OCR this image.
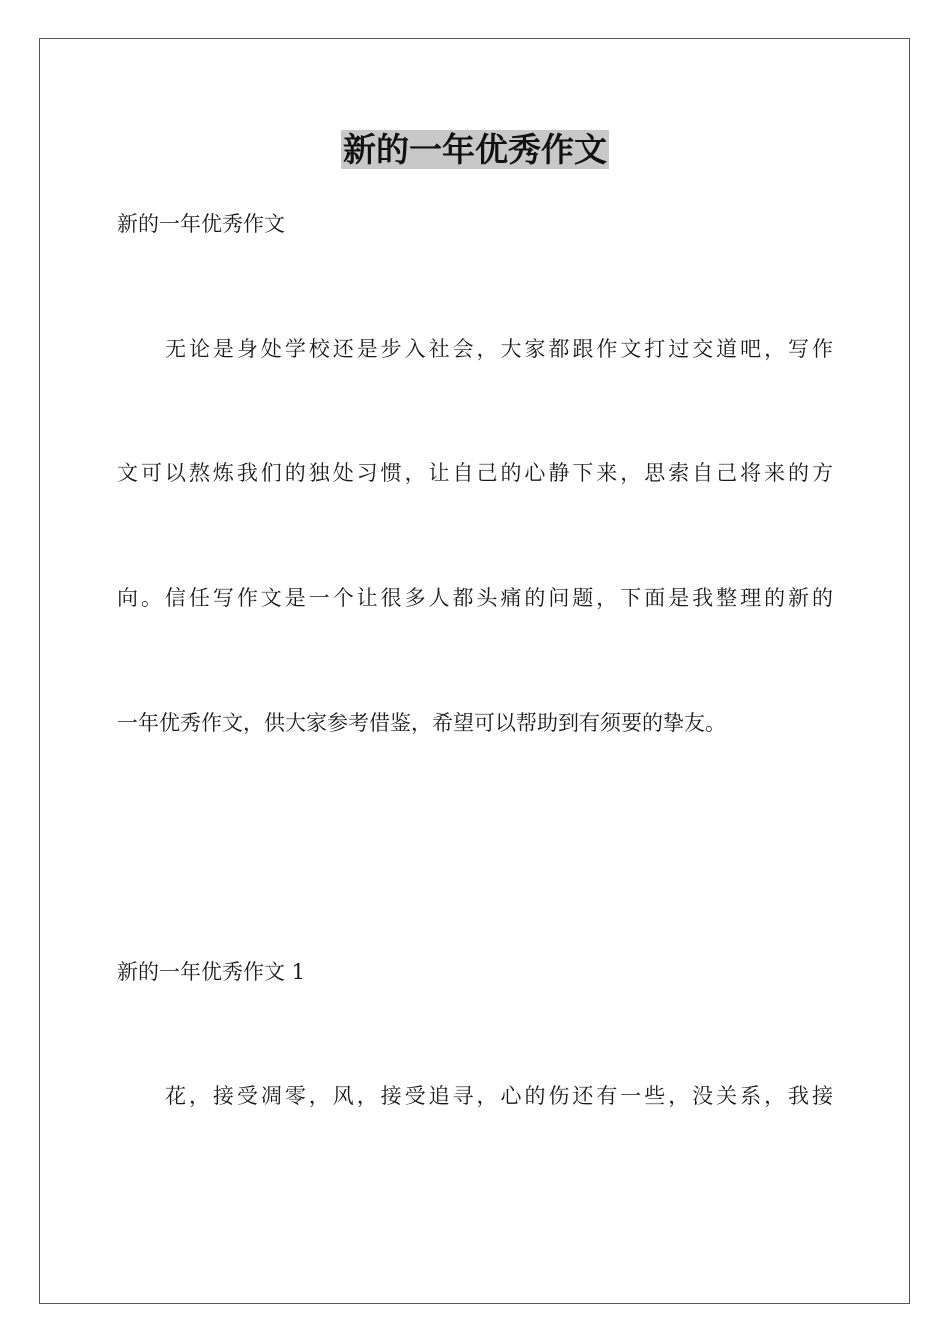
新的一年优秀作文

新的一年优秀作文

无论是身处学校还是步入社会，大家都跟作文打过交道吧，写作

文可以熬炼我们的独处习惯，让自己的心静下来，思索自己将来的方

向。信任写作文是一个让很多人都头痛的问题，下面是我整理的新的

一年优秀作文，供大家参考借鉴，希望可以帮助到有须要的挚友。

新的一年优秀作文 1

花，接受凋零，风，接受追寻，心的伤还有一些，没关系，我接
